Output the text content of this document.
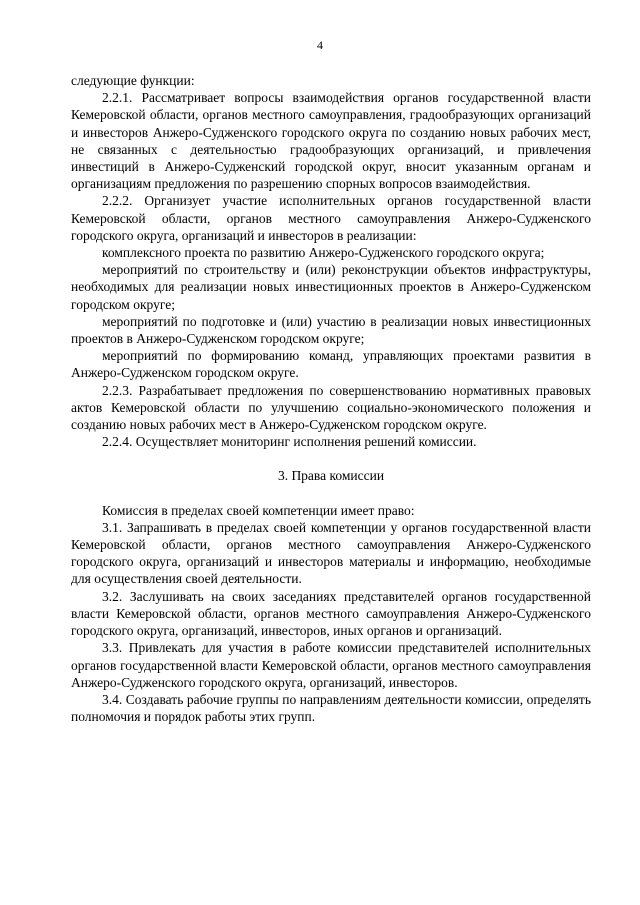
4

следующие функции:

2.2.1. Рассматривает вопросы взаимодействия органов государственной власти Кемеровской области, органов местного самоуправления, градообразующих организаций и инвесторов Анжеро-Судженского городского округа по созданию новых рабочих мест, не связанных с деятельностью градообразующих организаций, и привлечения инвестиций в Анжеро-Судженский городской округ, вносит указанным органам и организациям предложения по разрешению спорных вопросов взаимодействия.

2.2.2. Организует участие исполнительных органов государственной власти Кемеровской области, органов местного самоуправления Анжеро-Судженского городского округа, организаций и инвесторов в реализации:

комплексного проекта по развитию Анжеро-Судженского городского округа;

мероприятий по строительству и (или) реконструкции объектов инфраструктуры, необходимых для реализации новых инвестиционных проектов в Анжеро-Судженском городском округе;

мероприятий по подготовке и (или) участию в реализации новых инвестиционных проектов в Анжеро-Судженском городском округе;

мероприятий по формированию команд, управляющих проектами развития в Анжеро-Судженском городском округе.

2.2.3. Разрабатывает предложения по совершенствованию нормативных правовых актов Кемеровской области по улучшению социально-экономического положения и созданию новых рабочих мест в Анжеро-Судженском городском округе.

2.2.4. Осуществляет мониторинг исполнения решений комиссии.

3. Права комиссии

Комиссия в пределах своей компетенции имеет право:

3.1. Запрашивать в пределах своей компетенции у органов государственной власти Кемеровской области, органов местного самоуправления Анжеро-Судженского городского округа, организаций и инвесторов материалы и информацию, необходимые для осуществления своей деятельности.

3.2. Заслушивать на своих заседаниях представителей органов государственной власти Кемеровской области, органов местного самоуправления Анжеро-Судженского городского округа, организаций, инвесторов, иных органов и организаций.

3.3. Привлекать для участия в работе комиссии представителей исполнительных органов государственной власти Кемеровской области, органов местного самоуправления Анжеро-Судженского городского округа, организаций, инвесторов.

3.4. Создавать рабочие группы по направлениям деятельности комиссии, определять полномочия и порядок работы этих групп.
